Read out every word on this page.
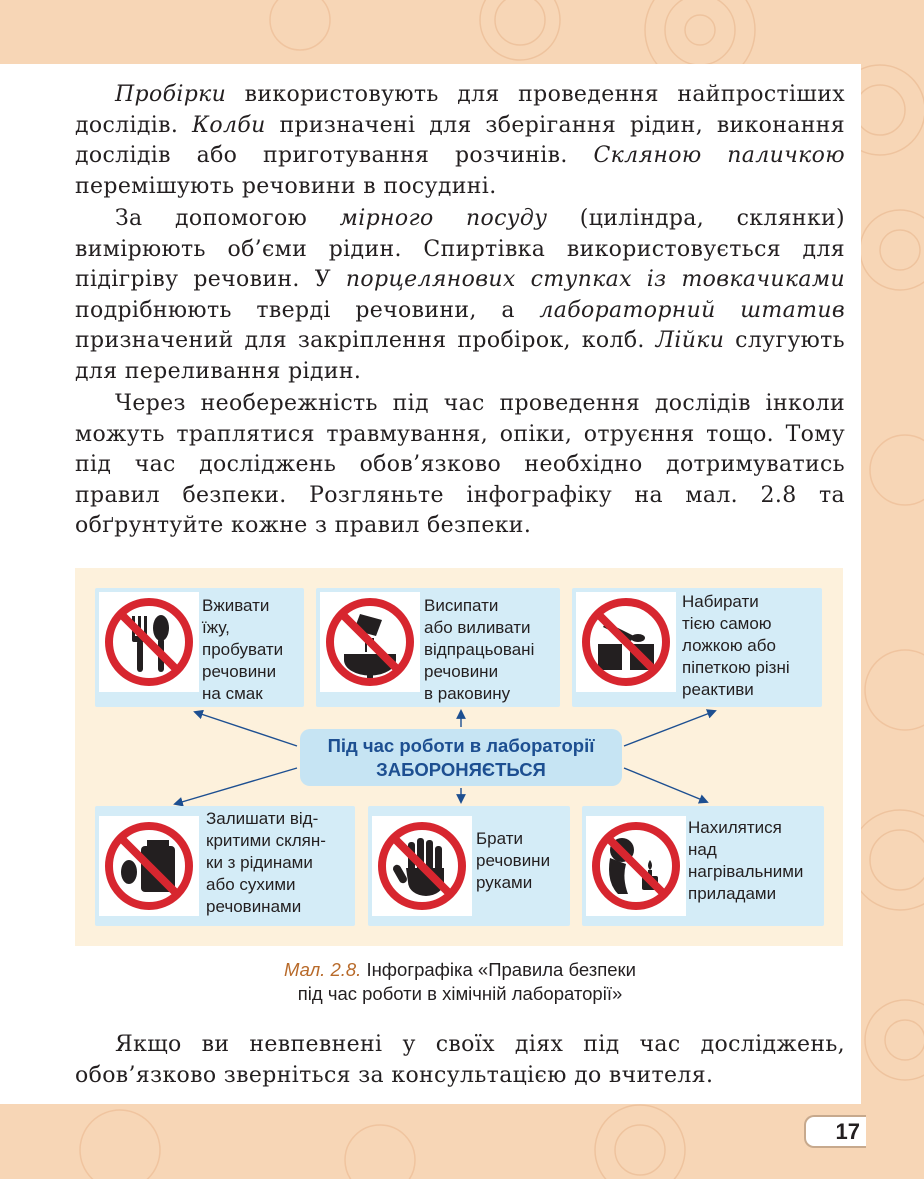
Пробірки використовують для проведення найпростіших дослідів. Колби призначені для зберігання рідин, виконання дослідів або приготування розчинів. Скляною паличкою перемішують речовини в посудині.

За допомогою мірного посуду (циліндра, склянки) вимірюють об’єми рідин. Спиртівка використовується для підігріву речовин. У порцелянових ступках із товкачиками подрібнюють тверді речовини, а лабораторний штатив призначений для закріплення пробірок, колб. Лійки слугують для переливання рідин.

Через необережність під час проведення дослідів інколи можуть траплятися травмування, опіки, отруєння тощо. Тому під час досліджень обов’язково необхідно дотримуватись правил безпеки. Розгляньте інфографіку на мал. 2.8 та обґрунтуйте кожне з правил безпеки.

Вживати
їжу,
пробувати
речовини
на смак
Висипати
або виливати
відпрацьовані
речовини
в раковину
Набирати
тією самою
ложкою або
піпеткою різні
реактиви
Під час роботи в лабораторії
ЗАБОРОНЯЄТЬСЯ
Залишати від-
критими склян-
ки з рідинами
або сухими
речовинами
Брати
речовини
руками
Нахилятися
над
нагрівальними
приладами
Мал. 2.8. Інфографіка «Правила безпеки
під час роботи в хімічній лабораторії»

Якщо ви невпевнені у своїх діях під час досліджень, обов’язково зверніться за консультацією до вчителя.

17
